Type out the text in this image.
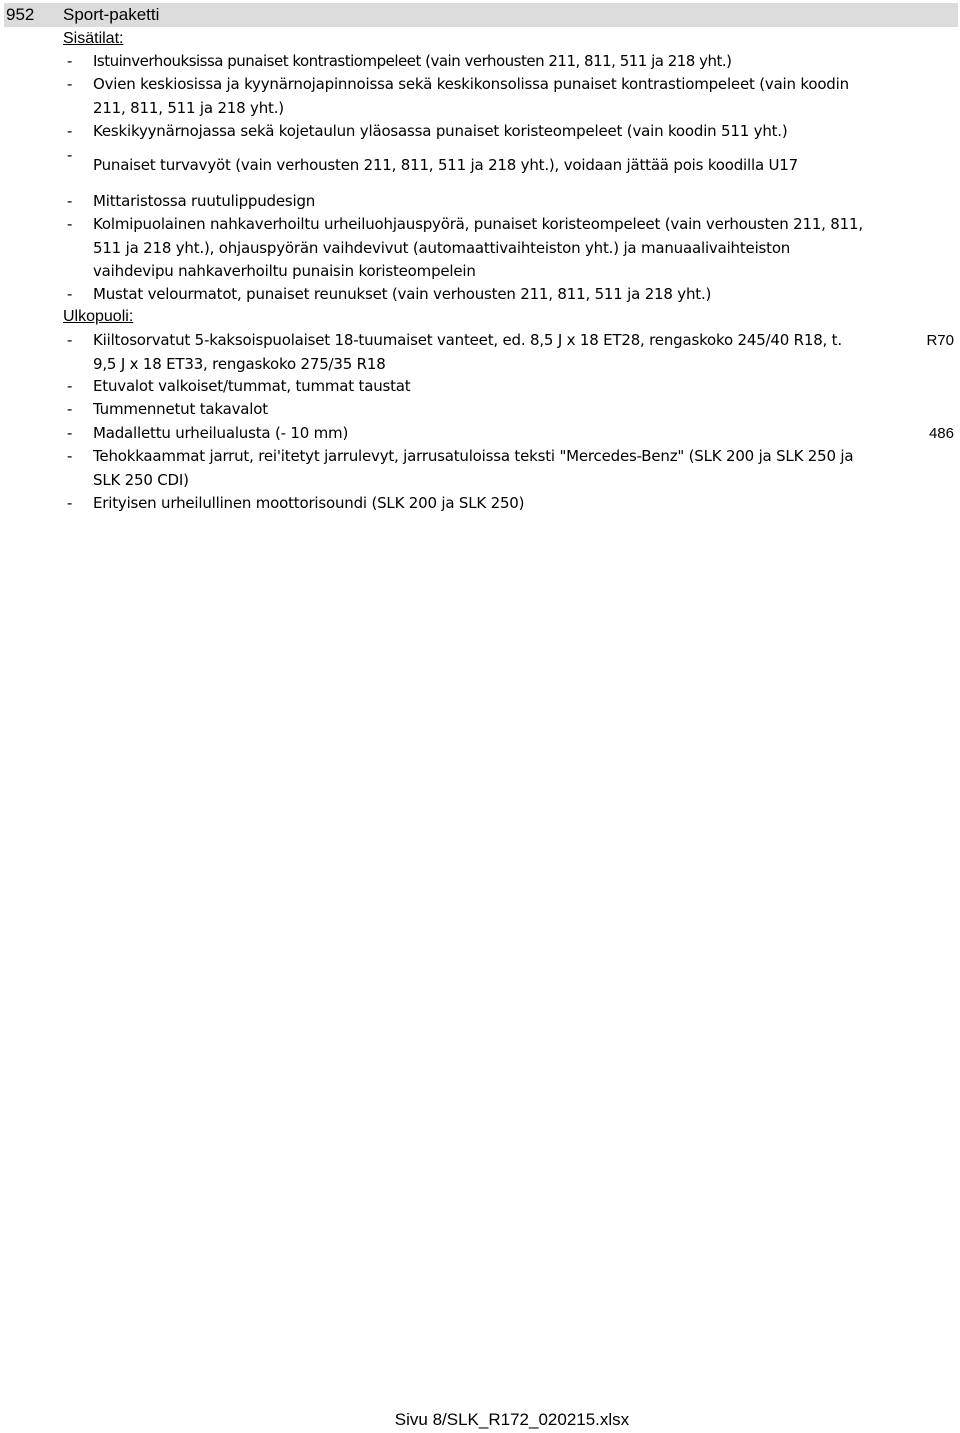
952 Sport-paketti
Sisätilat:
- Istuinverhouksissa punaiset kontrastiompeleet (vain verhousten 211, 811, 511 ja 218 yht.)
- Ovien keskiosissa ja kyynärnojapinnoissa sekä keskikonsolissa punaiset kontrastiompeleet (vain koodin 211, 811, 511 ja 218 yht.)
- Keskikyynärnojassa sekä kojetaulun yläosassa punaiset koristeompeleet (vain koodin 511 yht.)
-
Punaiset turvavyöt (vain verhousten 211, 811, 511 ja 218 yht.), voidaan jättää pois koodilla U17
- Mittaristossa ruutulippudesign
- Kolmipuolainen nahkaverhoiltu urheiluohjauspyörä, punaiset koristeompeleet (vain verhousten 211, 811, 511 ja 218 yht.), ohjauspyörän vaihdevivut (automaattivaihteiston yht.) ja manuaalivaihteiston vaihdevipu nahkaverhoiltu punaisin koristeompelein
- Mustat velourmatot, punaiset reunukset (vain verhousten 211, 811, 511 ja 218 yht.)
Ulkopuoli:
- Kiiltosorvatut 5-kaksoispuolaiset 18-tuumaiset vanteet, ed. 8,5 J x 18 ET28, rengaskoko 245/40 R18, t. 9,5 J x 18 ET33, rengaskoko 275/35 R18
R70
- Etuvalot valkoiset/tummat, tummat taustat
- Tummennetut takavalot
- Madallettu urheilualusta (- 10 mm)	486
- Tehokkaammat jarrut, rei'itetyt jarrulevyt, jarrusatuloissa teksti "Mercedes-Benz" (SLK 200 ja SLK 250 ja SLK 250 CDI)
- Erityisen urheilullinen moottorisoundi (SLK 200 ja SLK 250)
Sivu 8/SLK_R172_020215.xlsx
